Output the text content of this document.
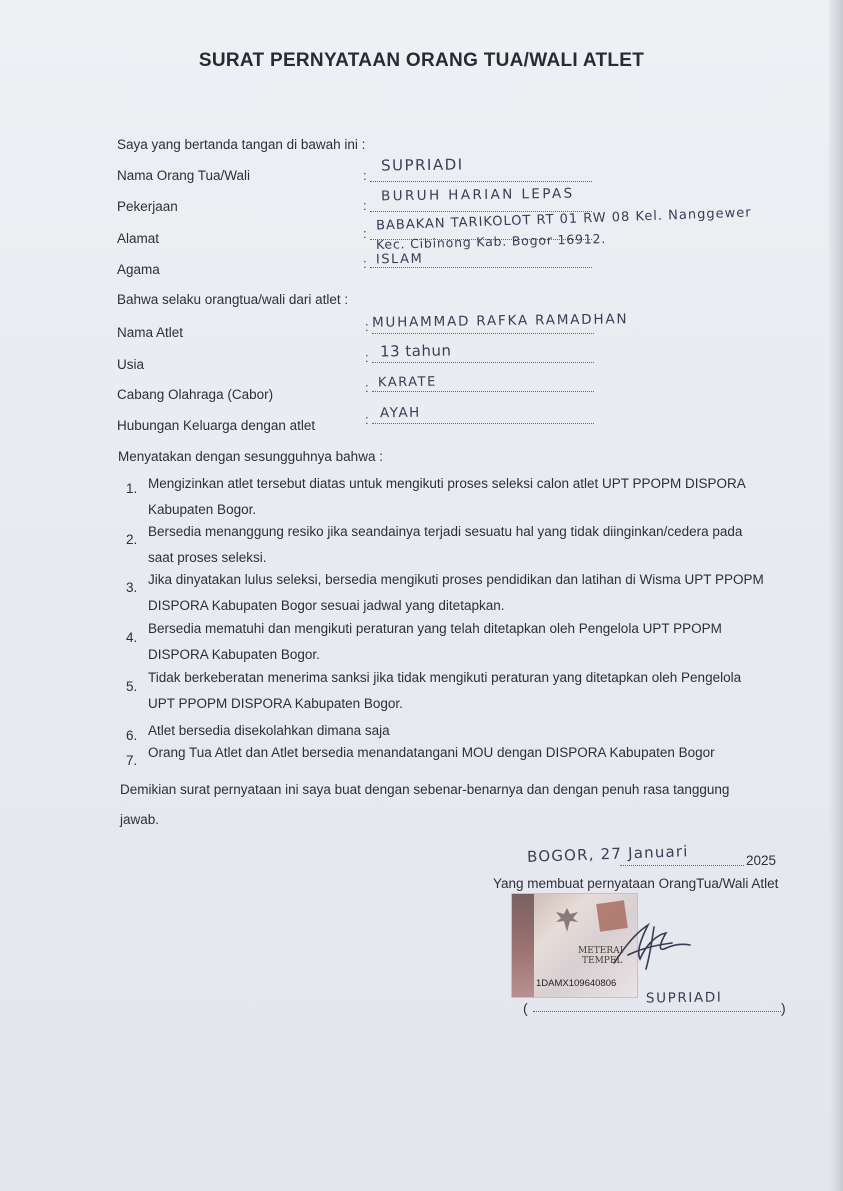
SURAT PERNYATAAN ORANG TUA/WALI ATLET
Saya yang bertanda tangan di bawah ini :
Nama Orang Tua/Wali	:
SUPRIADI
Pekerjaan	:
BURUH HARIAN LEPAS
Alamat	: BABAKAN TARIKOLOT RT 01 RW 08 Kel. Nanggewer
Kec. Cibinong Kab. Bogor 16912.
Agama	: ISLAM
Bahwa selaku orangtua/wali dari atlet :
Nama Atlet	: MUHAMMAD RAFKA RAMADHAN
Usia	: 13 tahun
Cabang Olahraga (Cabor)	: KARATE
Hubungan Keluarga dengan atlet	: AYAH
Menyatakan dengan sesungguhnya bahwa :
1. Mengizinkan atlet tersebut diatas untuk mengikuti proses seleksi calon atlet UPT PPOPM DISPORA Kabupaten Bogor.
2.
Bersedia menanggung resiko jika seandainya terjadi sesuatu hal yang tidak diinginkan/cedera pada saat proses seleksi.
3.
Jika dinyatakan lulus seleksi, bersedia mengikuti proses pendidikan dan latihan di Wisma UPT PPOPM DISPORA Kabupaten Bogor sesuai jadwal yang ditetapkan.
4.
Bersedia mematuhi dan mengikuti peraturan yang telah ditetapkan oleh Pengelola UPT PPOPM DISPORA Kabupaten Bogor.
5.
Tidak berkeberatan menerima sanksi jika tidak mengikuti peraturan yang ditetapkan oleh Pengelola UPT PPOPM DISPORA Kabupaten Bogor.
6. Atlet bersedia disekolahkan dimana saja
7.
Orang Tua Atlet dan Atlet bersedia menandatangani MOU dengan DISPORA Kabupaten Bogor
Demikian surat pernyataan ini saya buat dengan sebenar-benarnya dan dengan penuh rasa tanggung
jawab.
BOGOR, 27 Januari	2025
Yang membuat pernyataan OrangTua/Wali Atlet
METERAI
TEMPEL
1DAMX109640806
(
SUPRIADI
)
